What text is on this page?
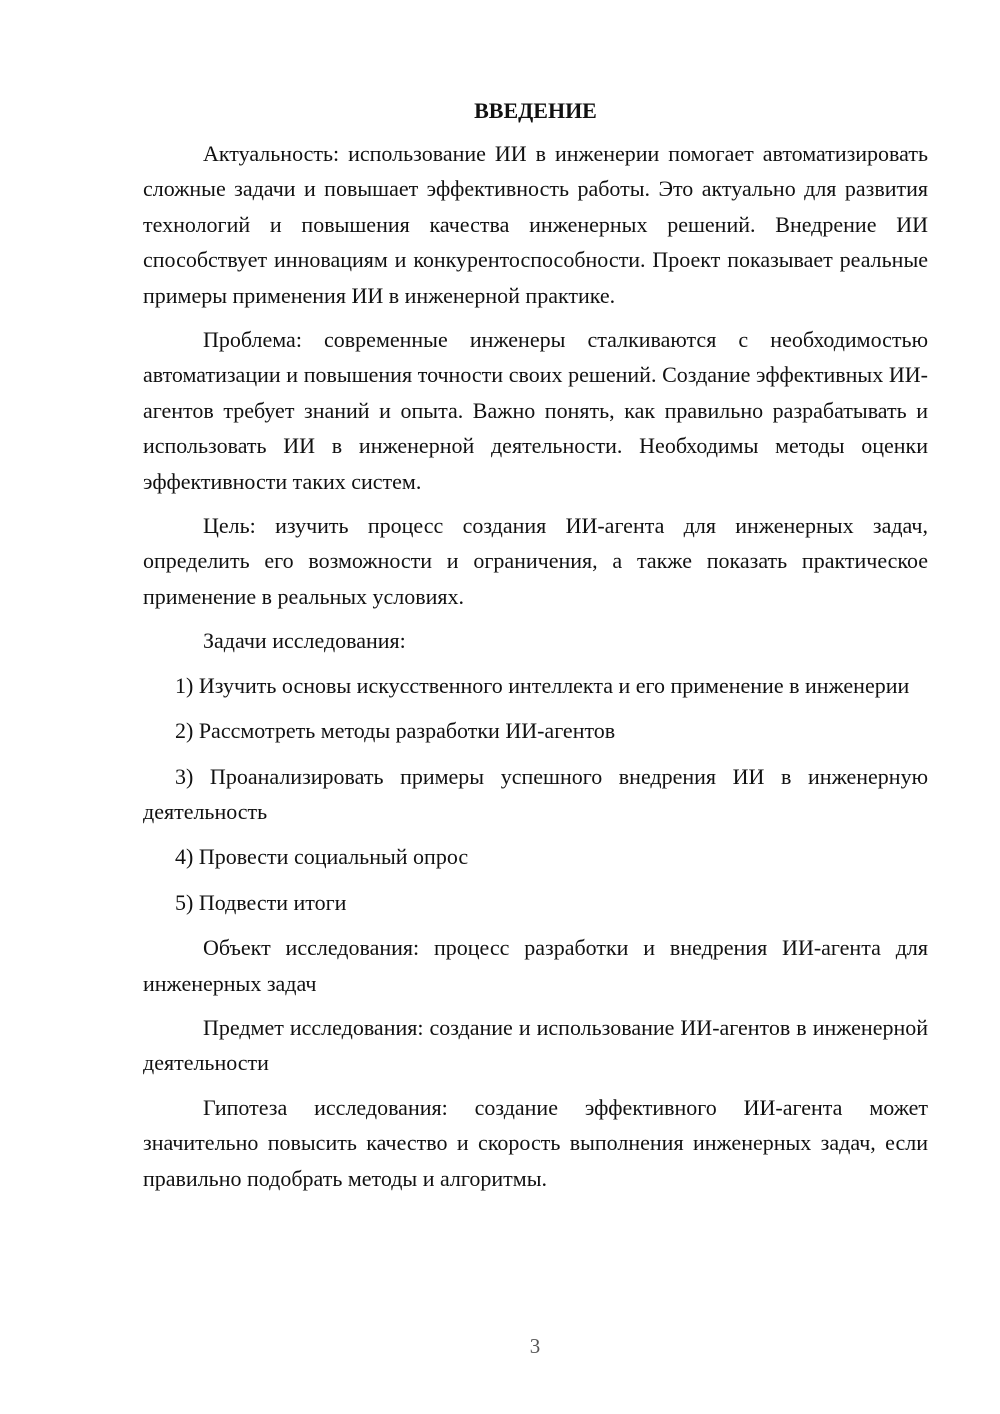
ВВЕДЕНИЕ

Актуальность: использование ИИ в инженерии помогает автоматизировать сложные задачи и повышает эффективность работы. Это актуально для развития технологий и повышения качества инженерных решений. Внедрение ИИ способствует инновациям и конкурентоспособности. Проект показывает реальные примеры применения ИИ в инженерной практике.

Проблема: современные инженеры сталкиваются с необходимостью автоматизации и повышения точности своих решений. Создание эффективных ИИ-агентов требует знаний и опыта. Важно понять, как правильно разрабатывать и использовать ИИ в инженерной деятельности. Необходимы методы оценки эффективности таких систем.

Цель: изучить процесс создания ИИ-агента для инженерных задач, определить его возможности и ограничения, а также показать практическое применение в реальных условиях.

Задачи исследования:

1) Изучить основы искусственного интеллекта и его применение в инженерии

2) Рассмотреть методы разработки ИИ-агентов

3) Проанализировать примеры успешного внедрения ИИ в инженерную деятельность

4) Провести социальный опрос

5) Подвести итоги

Объект исследования: процесс разработки и внедрения ИИ-агента для инженерных задач

Предмет исследования: создание и использование ИИ-агентов в инженерной деятельности

Гипотеза исследования: создание эффективного ИИ-агента может значительно повысить качество и скорость выполнения инженерных задач, если правильно подобрать методы и алгоритмы.

3
